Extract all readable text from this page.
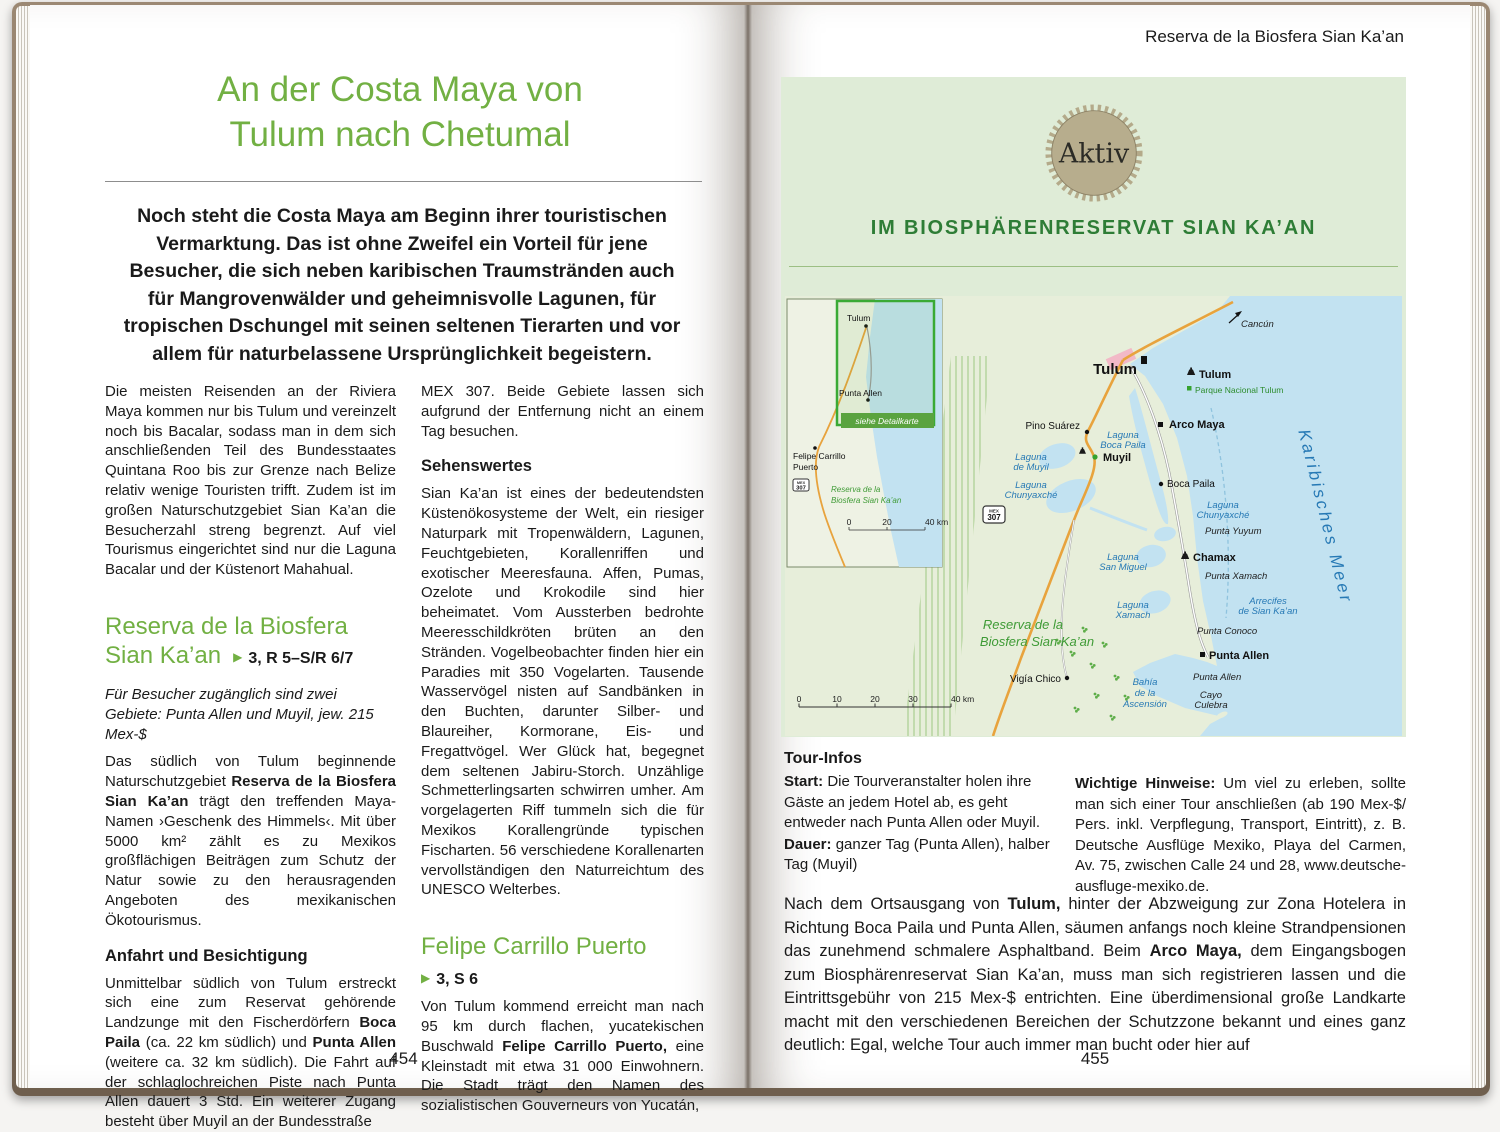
An der Costa Maya von
Tulum nach Chetumal
Noch steht die Costa Maya am Beginn ihrer touristischen Vermarktung. Das ist ohne Zweifel ein Vorteil für jene Besucher, die sich neben karibischen Traumstränden auch für Mangrovenwälder und geheimnisvolle Lagunen, für tropischen Dschungel mit seinen seltenen Tierarten und vor allem für naturbelassene Ursprünglichkeit begeistern.

Die meisten Reisenden an der Riviera Maya kommen nur bis Tulum und vereinzelt noch bis Bacalar, sodass man in dem sich anschließenden Teil des Bundesstaates Quintana Roo bis zur Grenze nach Belize relativ wenige Touristen trifft. Zudem ist im großen Naturschutzgebiet Sian Ka’an die Besucherzahl streng begrenzt. Auf viel Tourismus eingerichtet sind nur die Laguna Bacalar und der Küstenort Mahahual.

Reserva de la Biosfera
Sian Ka’an ▶ 3, R 5–S/R 6/7

Für Besucher zugänglich sind zwei Gebiete: Punta Allen und Muyil, jew. 215 Mex-$

Das südlich von Tulum beginnende Naturschutzgebiet Reserva de la Biosfera Sian Ka’an trägt den treffenden Maya-Namen ›Geschenk des Himmels‹. Mit über 5000 km² zählt es zu Mexikos großflächigen Beiträgen zum Schutz der Natur sowie zu den herausragenden Angeboten des mexikanischen Ökotourismus.

Anfahrt und Besichtigung

Unmittelbar südlich von Tulum erstreckt sich eine zum Reservat gehörende Landzunge mit den Fischerdörfern Boca Paila (ca. 22 km südlich) und Punta Allen (weitere ca. 32 km südlich). Die Fahrt auf der schlaglochreichen Piste nach Punta Allen dauert 3 Std. Ein weiterer Zugang besteht über Muyil an der Bundesstraße

MEX 307. Beide Gebiete lassen sich aufgrund der Entfernung nicht an einem Tag besuchen.

Sehenswertes

Sian Ka’an ist eines der bedeutendsten Küstenökosysteme der Welt, ein riesiger Naturpark mit Tropenwäldern, Lagunen, Feuchtgebieten, Korallenriffen und exotischer Meeresfauna. Affen, Pumas, Ozelote und Krokodile sind hier beheimatet. Vom Aussterben bedrohte Meeresschildkröten brüten an den Stränden. Vogelbeobachter finden hier ein Paradies mit 350 Vogelarten. Tausende Wasservögel nisten auf Sandbänken in den Buchten, darunter Silber- und Blaureiher, Kormorane, Eis- und Fregattvögel. Wer Glück hat, begegnet dem seltenen Jabiru-Storch. Unzählige Schmetterlingsarten schwirren umher. Am vorgelagerten Riff tummeln sich die für Mexikos Korallengründe typischen Fischarten. 56 verschiedene Korallenarten vervollständigen den Naturreichtum des UNESCO Welterbes.

Felipe Carrillo Puerto
▶ 3, S 6

Von Tulum kommend erreicht man nach 95 km durch flachen, yucatekischen Buschwald Felipe Carrillo Puerto, eine Kleinstadt mit etwa 31 000 Einwohnern. Die Stadt trägt den Namen des sozialistischen Gouverneurs von Yucatán,

454
Reserva de la Biosfera Sian Ka’an
Aktiv
IM BIOSPHÄRENRESERVAT SIAN KA’AN
Cancún
Tulum	Tulum
Parque Nacional Tulum
Arco Maya
Pino Suárez
Muyil
Laguna
Boca Paila
Laguna
de Muyil
Boca Paila
Laguna
Chunyaxché
Laguna
Chunyaxché
Punta Yuyum
Chamax
Laguna
San Miguel
Punta Xamach
Arrecifes
de Sian Ka’an
Laguna
Xamach
Punta Conoco
Reserva de la
Biosfera Sian Ka’an
Punta Allen
Punta Allen
Vigía Chico	Bahía
de la
Ascensión
Cayo
Culebra
Karibisches Meer
MEX
307
0	10	20	30	40 km
siehe Detailkarte
Tulum
Punta Allen
Felipe Carrillo
Puerto
Reserva de la
Biosfera Sian Ka’an
MEX
307
0	20	40 km
Tour-Infos

Start: Die Tourveranstalter holen ihre Gäste an jedem Hotel ab, es geht entweder nach Punta Allen oder Muyil.

Dauer: ganzer Tag (Punta Allen), halber Tag (Muyil)

Wichtige Hinweise: Um viel zu erleben, sollte man sich einer Tour anschließen (ab 190 Mex-$/ Pers. inkl. Verpflegung, Transport, Eintritt), z. B. Deutsche Ausflüge Mexiko, Playa del Carmen, Av. 75, zwischen Calle 24 und 28, www.deutsche-ausfluge-mexiko.de.

Nach dem Ortsausgang von Tulum, hinter der Abzweigung zur Zona Hotelera in Richtung Boca Paila und Punta Allen, säumen anfangs noch kleine Strandpensionen das zunehmend schmalere Asphaltband. Beim Arco Maya, dem Eingangsbogen zum Biosphärenreservat Sian Ka’an, muss man sich registrieren lassen und die Eintrittsgebühr von 215 Mex-$ entrichten. Eine überdimensional große Landkarte macht mit den verschiedenen Bereichen der Schutzzone bekannt und eines ganz deutlich: Egal, welche Tour auch immer man bucht oder hier auf
455
